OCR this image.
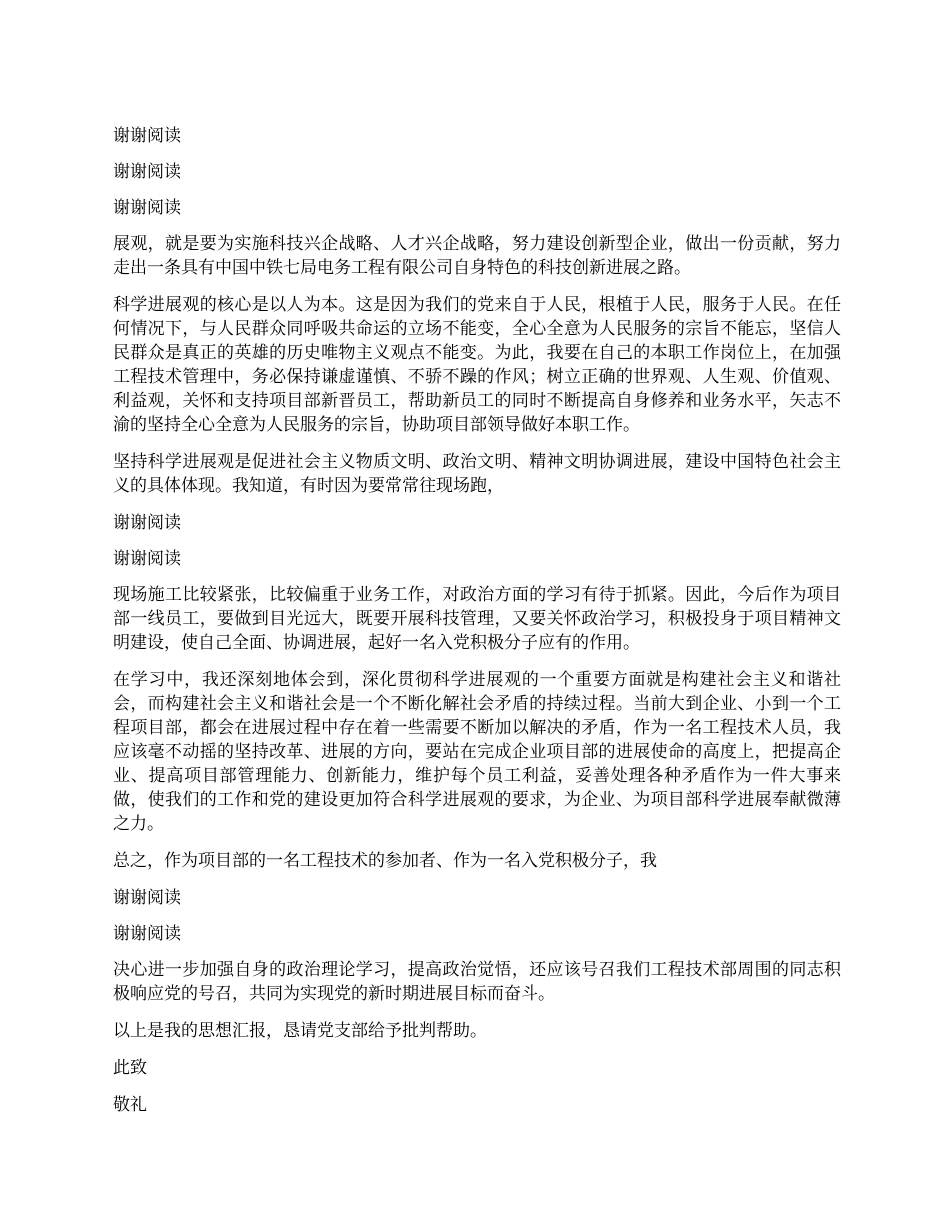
谢谢阅读

谢谢阅读

谢谢阅读

展观，就是要为实施科技兴企战略、人才兴企战略，努力建设创新型企业，做出一份贡献，努力走出一条具有中国中铁七局电务工程有限公司自身特色的科技创新进展之路。

科学进展观的核心是以人为本。这是因为我们的党来自于人民，根植于人民，服务于人民。在任何情况下，与人民群众同呼吸共命运的立场不能变，全心全意为人民服务的宗旨不能忘，坚信人民群众是真正的英雄的历史唯物主义观点不能变。为此，我要在自己的本职工作岗位上，在加强工程技术管理中，务必保持谦虚谨慎、不骄不躁的作风；树立正确的世界观、人生观、价值观、利益观，关怀和支持项目部新晋员工，帮助新员工的同时不断提高自身修养和业务水平，矢志不渝的坚持全心全意为人民服务的宗旨，协助项目部领导做好本职工作。

坚持科学进展观是促进社会主义物质文明、政治文明、精神文明协调进展，建设中国特色社会主义的具体体现。我知道，有时因为要常常往现场跑，

谢谢阅读

谢谢阅读

现场施工比较紧张，比较偏重于业务工作，对政治方面的学习有待于抓紧。因此，今后作为项目部一线员工，要做到目光远大，既要开展科技管理，又要关怀政治学习，积极投身于项目精神文明建设，使自己全面、协调进展，起好一名入党积极分子应有的作用。

在学习中，我还深刻地体会到，深化贯彻科学进展观的一个重要方面就是构建社会主义和谐社会，而构建社会主义和谐社会是一个不断化解社会矛盾的持续过程。当前大到企业、小到一个工程项目部，都会在进展过程中存在着一些需要不断加以解决的矛盾，作为一名工程技术人员，我应该毫不动摇的坚持改革、进展的方向，要站在完成企业项目部的进展使命的高度上，把提高企业、提高项目部管理能力、创新能力，维护每个员工利益，妥善处理各种矛盾作为一件大事来做，使我们的工作和党的建设更加符合科学进展观的要求，为企业、为项目部科学进展奉献微薄之力。

总之，作为项目部的一名工程技术的参加者、作为一名入党积极分子，我

谢谢阅读

谢谢阅读

决心进一步加强自身的政治理论学习，提高政治觉悟，还应该号召我们工程技术部周围的同志积极响应党的号召，共同为实现党的新时期进展目标而奋斗。

以上是我的思想汇报，恳请党支部给予批判帮助。

此致

敬礼
